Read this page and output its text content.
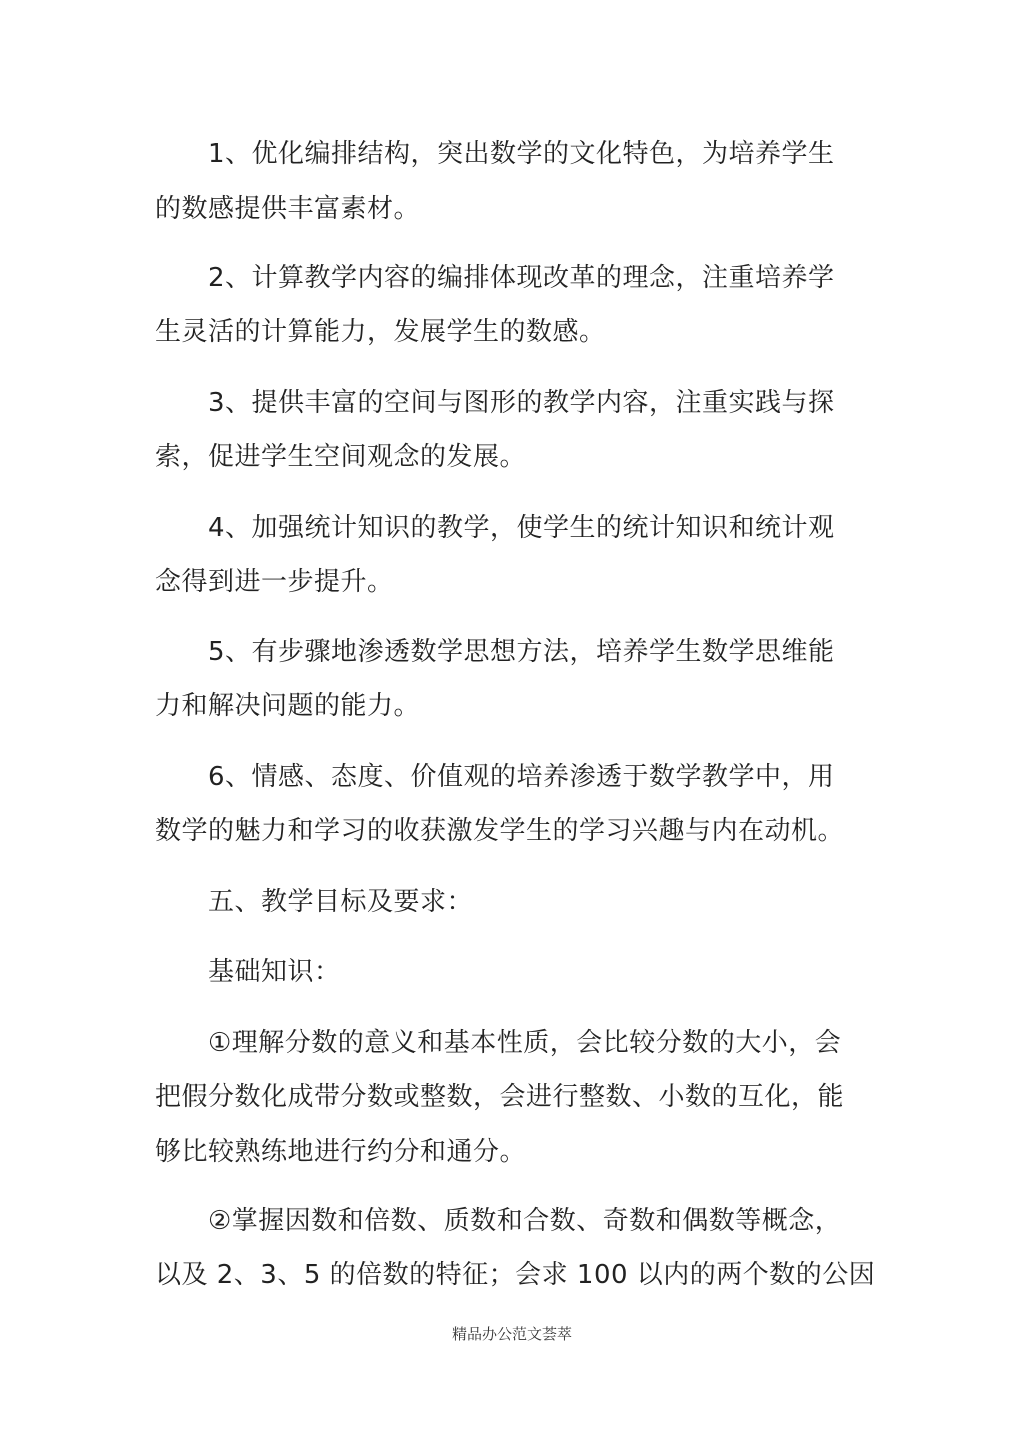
1、优化编排结构，突出数学的文化特色，为培养学生
的数感提供丰富素材。
2、计算教学内容的编排体现改革的理念，注重培养学
生灵活的计算能力，发展学生的数感。
3、提供丰富的空间与图形的教学内容，注重实践与探
索，促进学生空间观念的发展。
4、加强统计知识的教学，使学生的统计知识和统计观
念得到进一步提升。
5、有步骤地渗透数学思想方法，培养学生数学思维能
力和解决问题的能力。
6、情感、态度、价值观的培养渗透于数学教学中，用
数学的魅力和学习的收获激发学生的学习兴趣与内在动机。
五、教学目标及要求：
基础知识：
①理解分数的意义和基本性质，会比较分数的大小，会
把假分数化成带分数或整数，会进行整数、小数的互化，能
够比较熟练地进行约分和通分。
②掌握因数和倍数、质数和合数、奇数和偶数等概念，
以及 2、3、5 的倍数的特征；会求 100 以内的两个数的公因
精品办公范文荟萃
